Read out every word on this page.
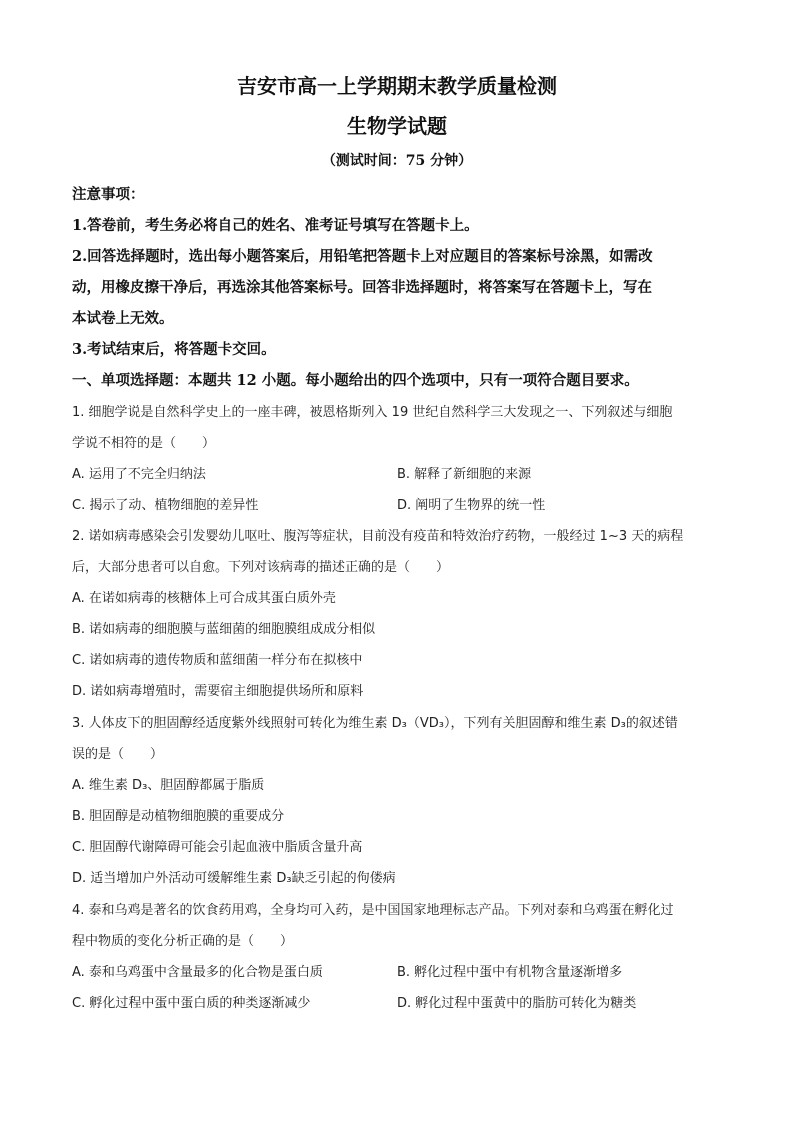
吉安市高一上学期期末教学质量检测
生物学试题
（测试时间：75 分钟）
注意事项：
1.答卷前，考生务必将自己的姓名、准考证号填写在答题卡上。
2.回答选择题时，选出每小题答案后，用铅笔把答题卡上对应题目的答案标号涂黑，如需改
动，用橡皮擦干净后，再选涂其他答案标号。回答非选择题时，将答案写在答题卡上，写在
本试卷上无效。
3.考试结束后，将答题卡交回。
一、单项选择题：本题共 12 小题。每小题给出的四个选项中，只有一项符合题目要求。
1. 细胞学说是自然科学史上的一座丰碑，被恩格斯列入 19 世纪自然科学三大发现之一、下列叙述与细胞
学说不相符的是（　　）
A. 运用了不完全归纳法	B. 解释了新细胞的来源
C. 揭示了动、植物细胞的差异性	D. 阐明了生物界的统一性
2. 诺如病毒感染会引发婴幼儿呕吐、腹泻等症状，目前没有疫苗和特效治疗药物，一般经过 1~3 天的病程
后，大部分患者可以自愈。下列对该病毒的描述正确的是（　　）
A. 在诺如病毒的核糖体上可合成其蛋白质外壳
B. 诺如病毒的细胞膜与蓝细菌的细胞膜组成成分相似
C. 诺如病毒的遗传物质和蓝细菌一样分布在拟核中
D. 诺如病毒增殖时，需要宿主细胞提供场所和原料
3. 人体皮下的胆固醇经适度紫外线照射可转化为维生素 D₃（VD₃），下列有关胆固醇和维生素 D₃的叙述错
误的是（　　）
A. 维生素 D₃、胆固醇都属于脂质
B. 胆固醇是动植物细胞膜的重要成分
C. 胆固醇代谢障碍可能会引起血液中脂质含量升高
D. 适当增加户外活动可缓解维生素 D₃缺乏引起的佝偻病
4. 泰和乌鸡是著名的饮食药用鸡，全身均可入药，是中国国家地理标志产品。下列对泰和乌鸡蛋在孵化过
程中物质的变化分析正确的是（　　）
A. 泰和乌鸡蛋中含量最多的化合物是蛋白质	B. 孵化过程中蛋中有机物含量逐渐增多
C. 孵化过程中蛋中蛋白质的种类逐渐减少	D. 孵化过程中蛋黄中的脂肪可转化为糖类
